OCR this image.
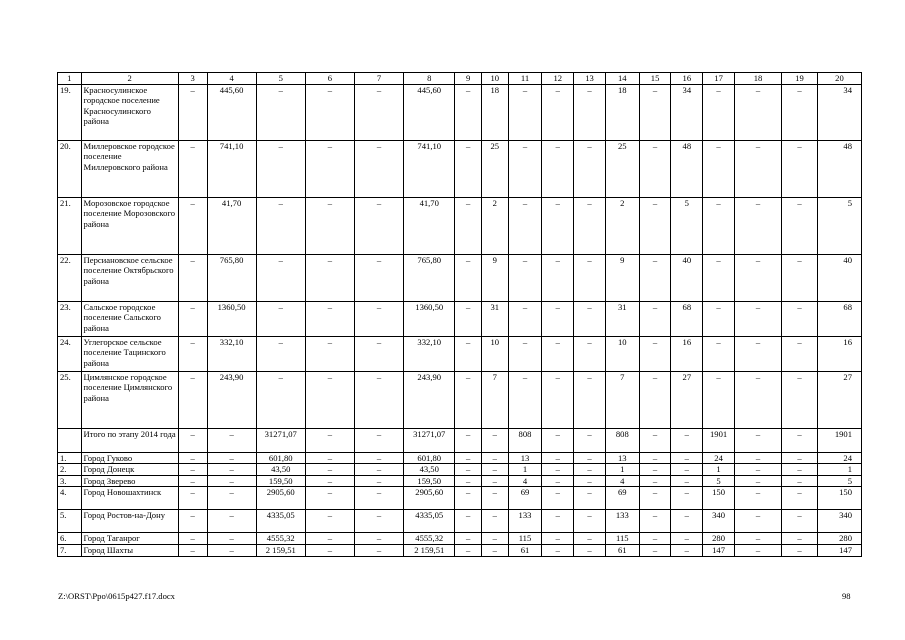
1	2	3	4	5	6	7	8	9	10	11	12	13	14	15	16	17	18	19	20
19.	Красносулинское городское поселение Красносулинского района	–	445,60	–	–	–	445,60	–	18	–	–	–	18	–	34	–	–	–	34
20.	Миллеровское городское поселение Миллеровского района	–	741,10	–	–	–	741,10	–	25	–	–	–	25	–	48	–	–	–	48
21.	Морозовское городское поселение Морозовского района	–	41,70	–	–	–	41,70	–	2	–	–	–	2	–	5	–	–	–	5
22.	Персиановское сельское поселение Октябрьского района	–	765,80	–	–	–	765,80	–	9	–	–	–	9	–	40	–	–	–	40
23.	Сальское городское поселение Сальского района	–	1360,50	–	–	–	1360,50	–	31	–	–	–	31	–	68	–	–	–	68
24.	Углегорское сельское поселение Тацинского района	–	332,10	–	–	–	332,10	–	10	–	–	–	10	–	16	–	–	–	16
25.	Цимлянское городское поселение Цимлянского района	–	243,90	–	–	–	243,90	–	7	–	–	–	7	–	27	–	–	–	27
	Итого по этапу 2014 года	–	–	31271,07	–	–	31271,07	–	–	808	–	–	808	–	–	1901	–	–	1901
1.	Город Гуково	–	–	601,80	–	–	601,80	–	–	13	–	–	13	–	–	24	–	–	24
2.	Город Донецк	–	–	43,50	–	–	43,50	–	–	1	–	–	1	–	–	1	–	–	1
3.	Город Зверево	–	–	159,50	–	–	159,50	–	–	4	–	–	4	–	–	5	–	–	5
4.	Город Новошахтинск	–	–	2905,60	–	–	2905,60	–	–	69	–	–	69	–	–	150	–	–	150
5.	Город Ростов-на-Дону	–	–	4335,05	–	–	4335,05	–	–	133	–	–	133	–	–	340	–	–	340
6.	Город Таганрог	–	–	4555,32	–	–	4555,32	–	–	115	–	–	115	–	–	280	–	–	280
7.	Город Шахты	–	–	2 159,51	–	–	2 159,51	–	–	61	–	–	61	–	–	147	–	–	147
Z:\ORST\Ppo\0615p427.f17.docx	98
